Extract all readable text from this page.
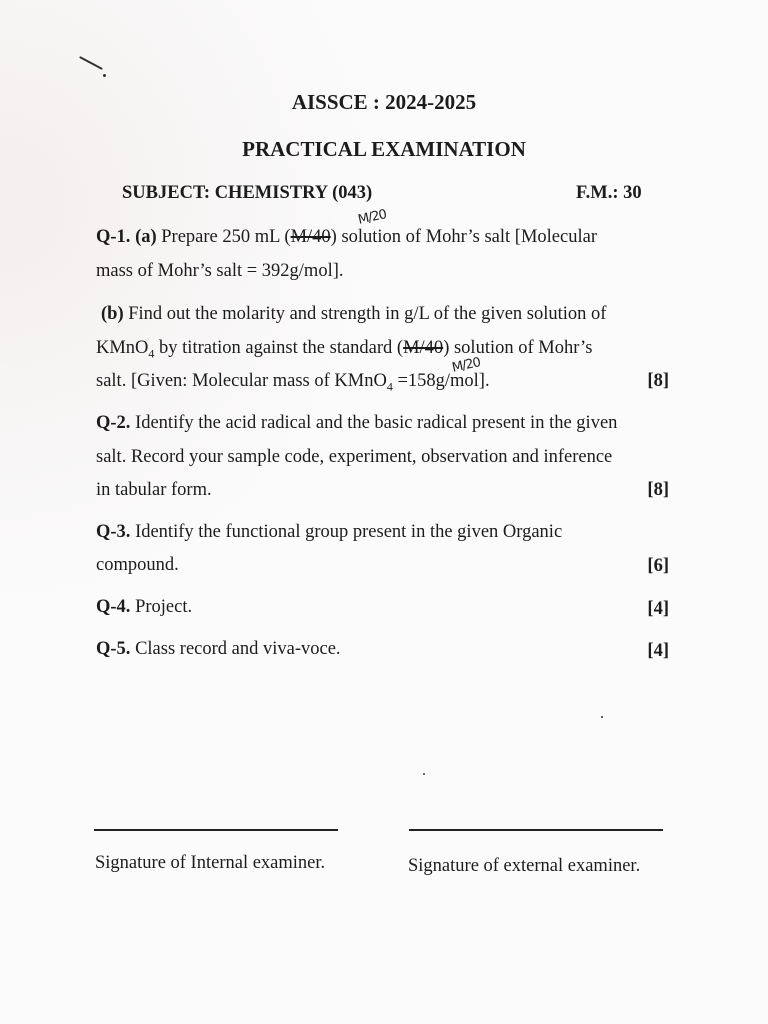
AISSCE : 2024-2025
PRACTICAL EXAMINATION
SUBJECT: CHEMISTRY (043)	F.M.: 30
M/20
Q-1. (a) Prepare 250 mL (M/40) solution of Mohr’s salt [Molecular
mass of Mohr’s salt = 392g/mol].
(b) Find out the molarity and strength in g/L of the given solution of
KMnO$_4$ by titration against the standard (M/40) solution of Mohr’s
M/20
salt. [Given: Molecular mass of KMnO$_4$ =158g/mol].	[8]
Q-2. Identify the acid radical and the basic radical present in the given
salt. Record your sample code, experiment, observation and inference
in tabular form.	[8]
Q-3. Identify the functional group present in the given Organic
compound.	[6]
Q-4. Project.	[4]
Q-5. Class record and viva-voce.	[4]
Signature of Internal examiner.	Signature of external examiner.
